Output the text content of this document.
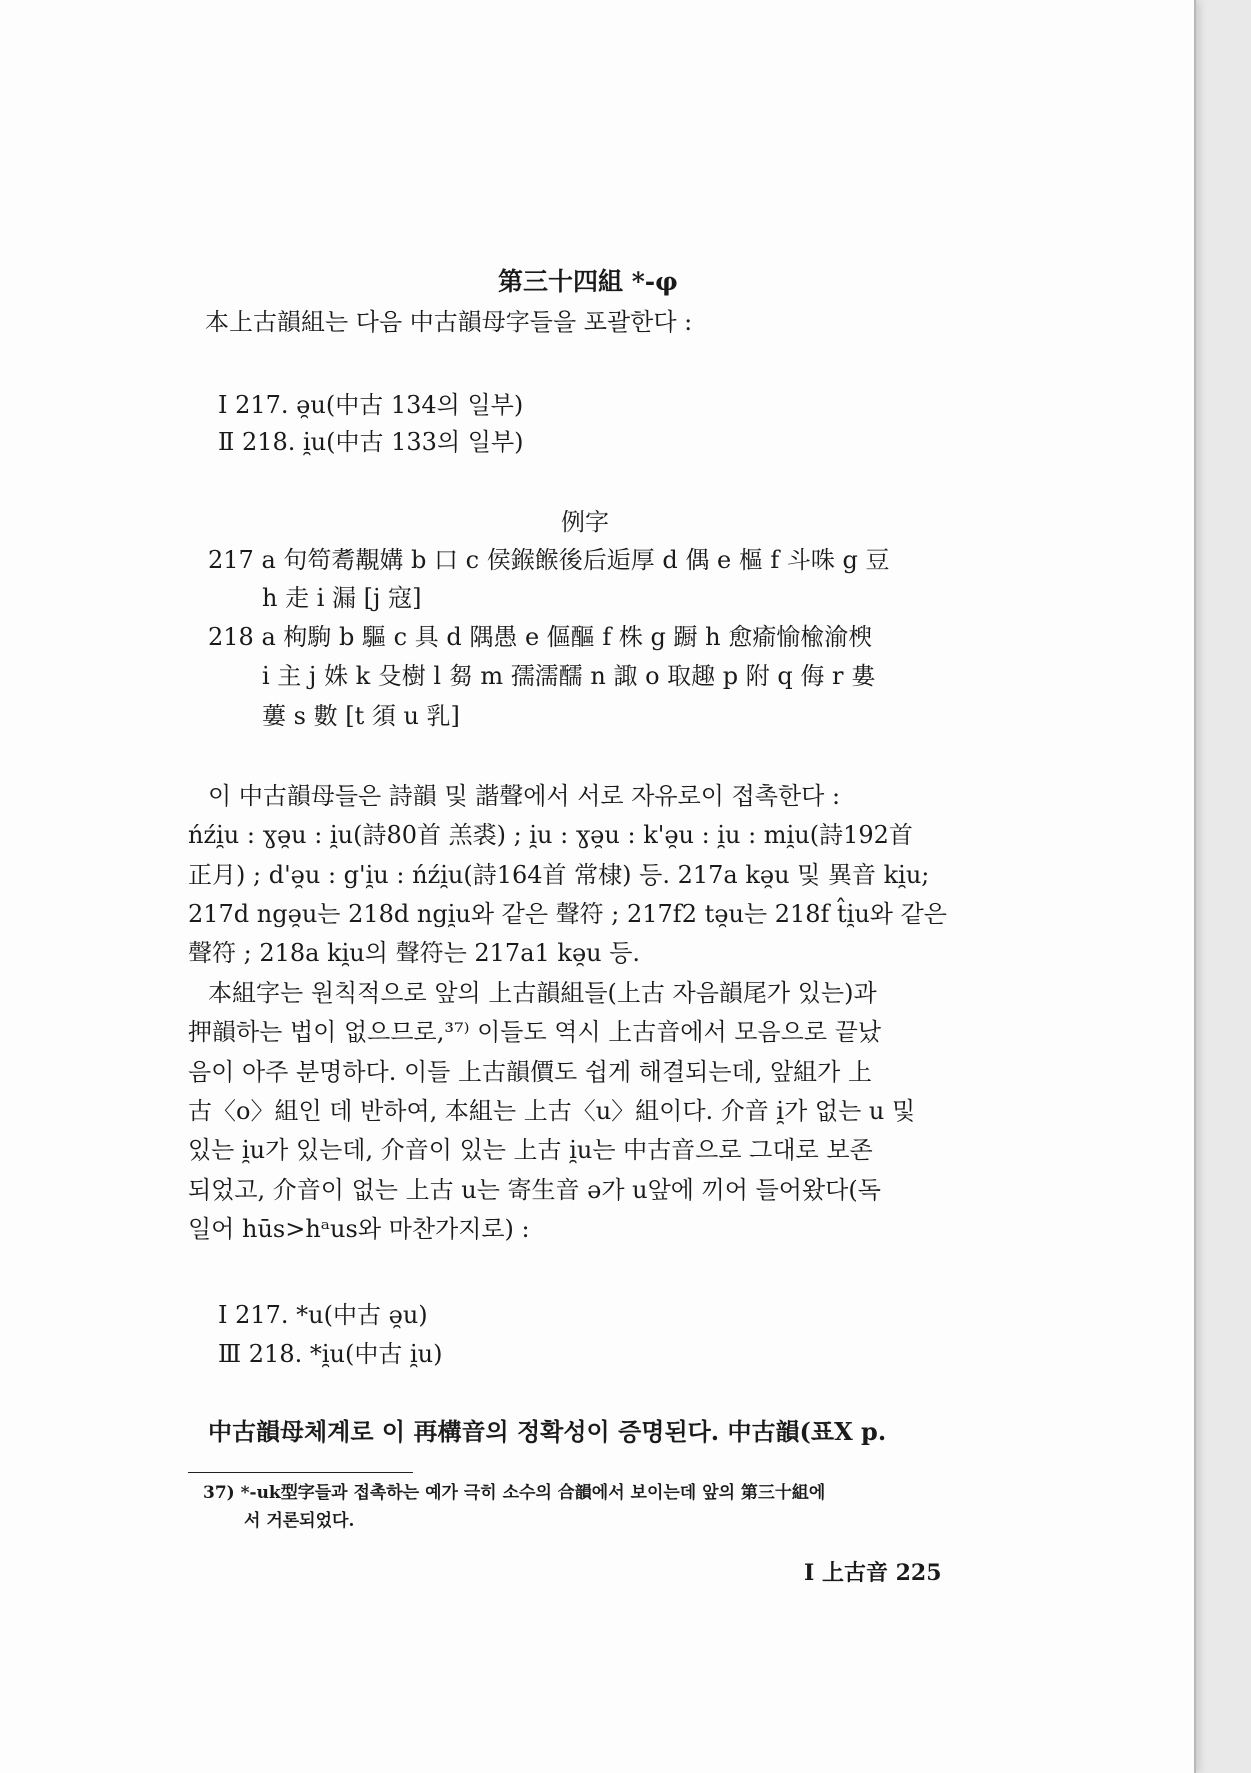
第三十四組 *-φ
本上古韻組는 다음 中古韻母字들을 포괄한다 :
Ⅰ 217. ə̯u(中古 134의 일부)
Ⅱ 218. i̯u(中古 133의 일부)
例字
217 a 句笱耈覯媾 b 口 c 侯鍭餱後后逅厚 d 偶 e 樞 f 斗咮 g 豆
h 走 i 漏 [j 寇]
218 a 枸駒 b 驅 c 具 d 隅愚 e 傴醧 f 株 g 蹰 h 愈瘉愉楡渝楰
i 主 j 姝 k 殳樹 l 芻 m 孺濡醹 n 諏 o 取趣 p 附 q 侮 r 婁
蔞 s 數 [t 須 u 乳]
이 中古韻母들은 詩韻 및 諧聲에서 서로 자유로이 접촉한다 :
ńźi̯u : ɣə̯u : i̯u(詩80首 羔裘) ; i̯u : ɣə̯u : k'ə̯u : i̯u : mi̯u(詩192首
正月) ; d'ə̯u : g'i̯u : ńźi̯u(詩164首 常棣) 등. 217a kə̯u 및 異音 ki̯u;
217d ngə̯u는 218d ngi̯u와 같은 聲符 ; 217f2 tə̯u는 218f t̂i̯u와 같은
聲符 ; 218a ki̯u의 聲符는 217a1 kə̯u 등.
本組字는 원칙적으로 앞의 上古韻組들(上古 자음韻尾가 있는)과
押韻하는 법이 없으므로,³⁷⁾ 이들도 역시 上古音에서 모음으로 끝났
음이 아주 분명하다. 이들 上古韻價도 쉽게 해결되는데, 앞組가 上
古〈o〉組인 데 반하여, 本組는 上古〈u〉組이다. 介音 i̯가 없는 u 및
있는 i̯u가 있는데, 介音이 있는 上古 i̯u는 中古音으로 그대로 보존
되었고, 介音이 없는 上古 u는 寄生音 ə가 u앞에 끼어 들어왔다(독
일어 hūs>hᵃus와 마찬가지로) :
Ⅰ 217. *u(中古 ə̯u)
Ⅲ 218. *i̯u(中古 i̯u)
中古韻母체계로 이 再構音의 정확성이 증명된다. 中古韻(표X p.
37) *-uk型字들과 접촉하는 예가 극히 소수의 合韻에서 보이는데 앞의 第三十組에
서 거론되었다.
Ⅰ 上古音 225
